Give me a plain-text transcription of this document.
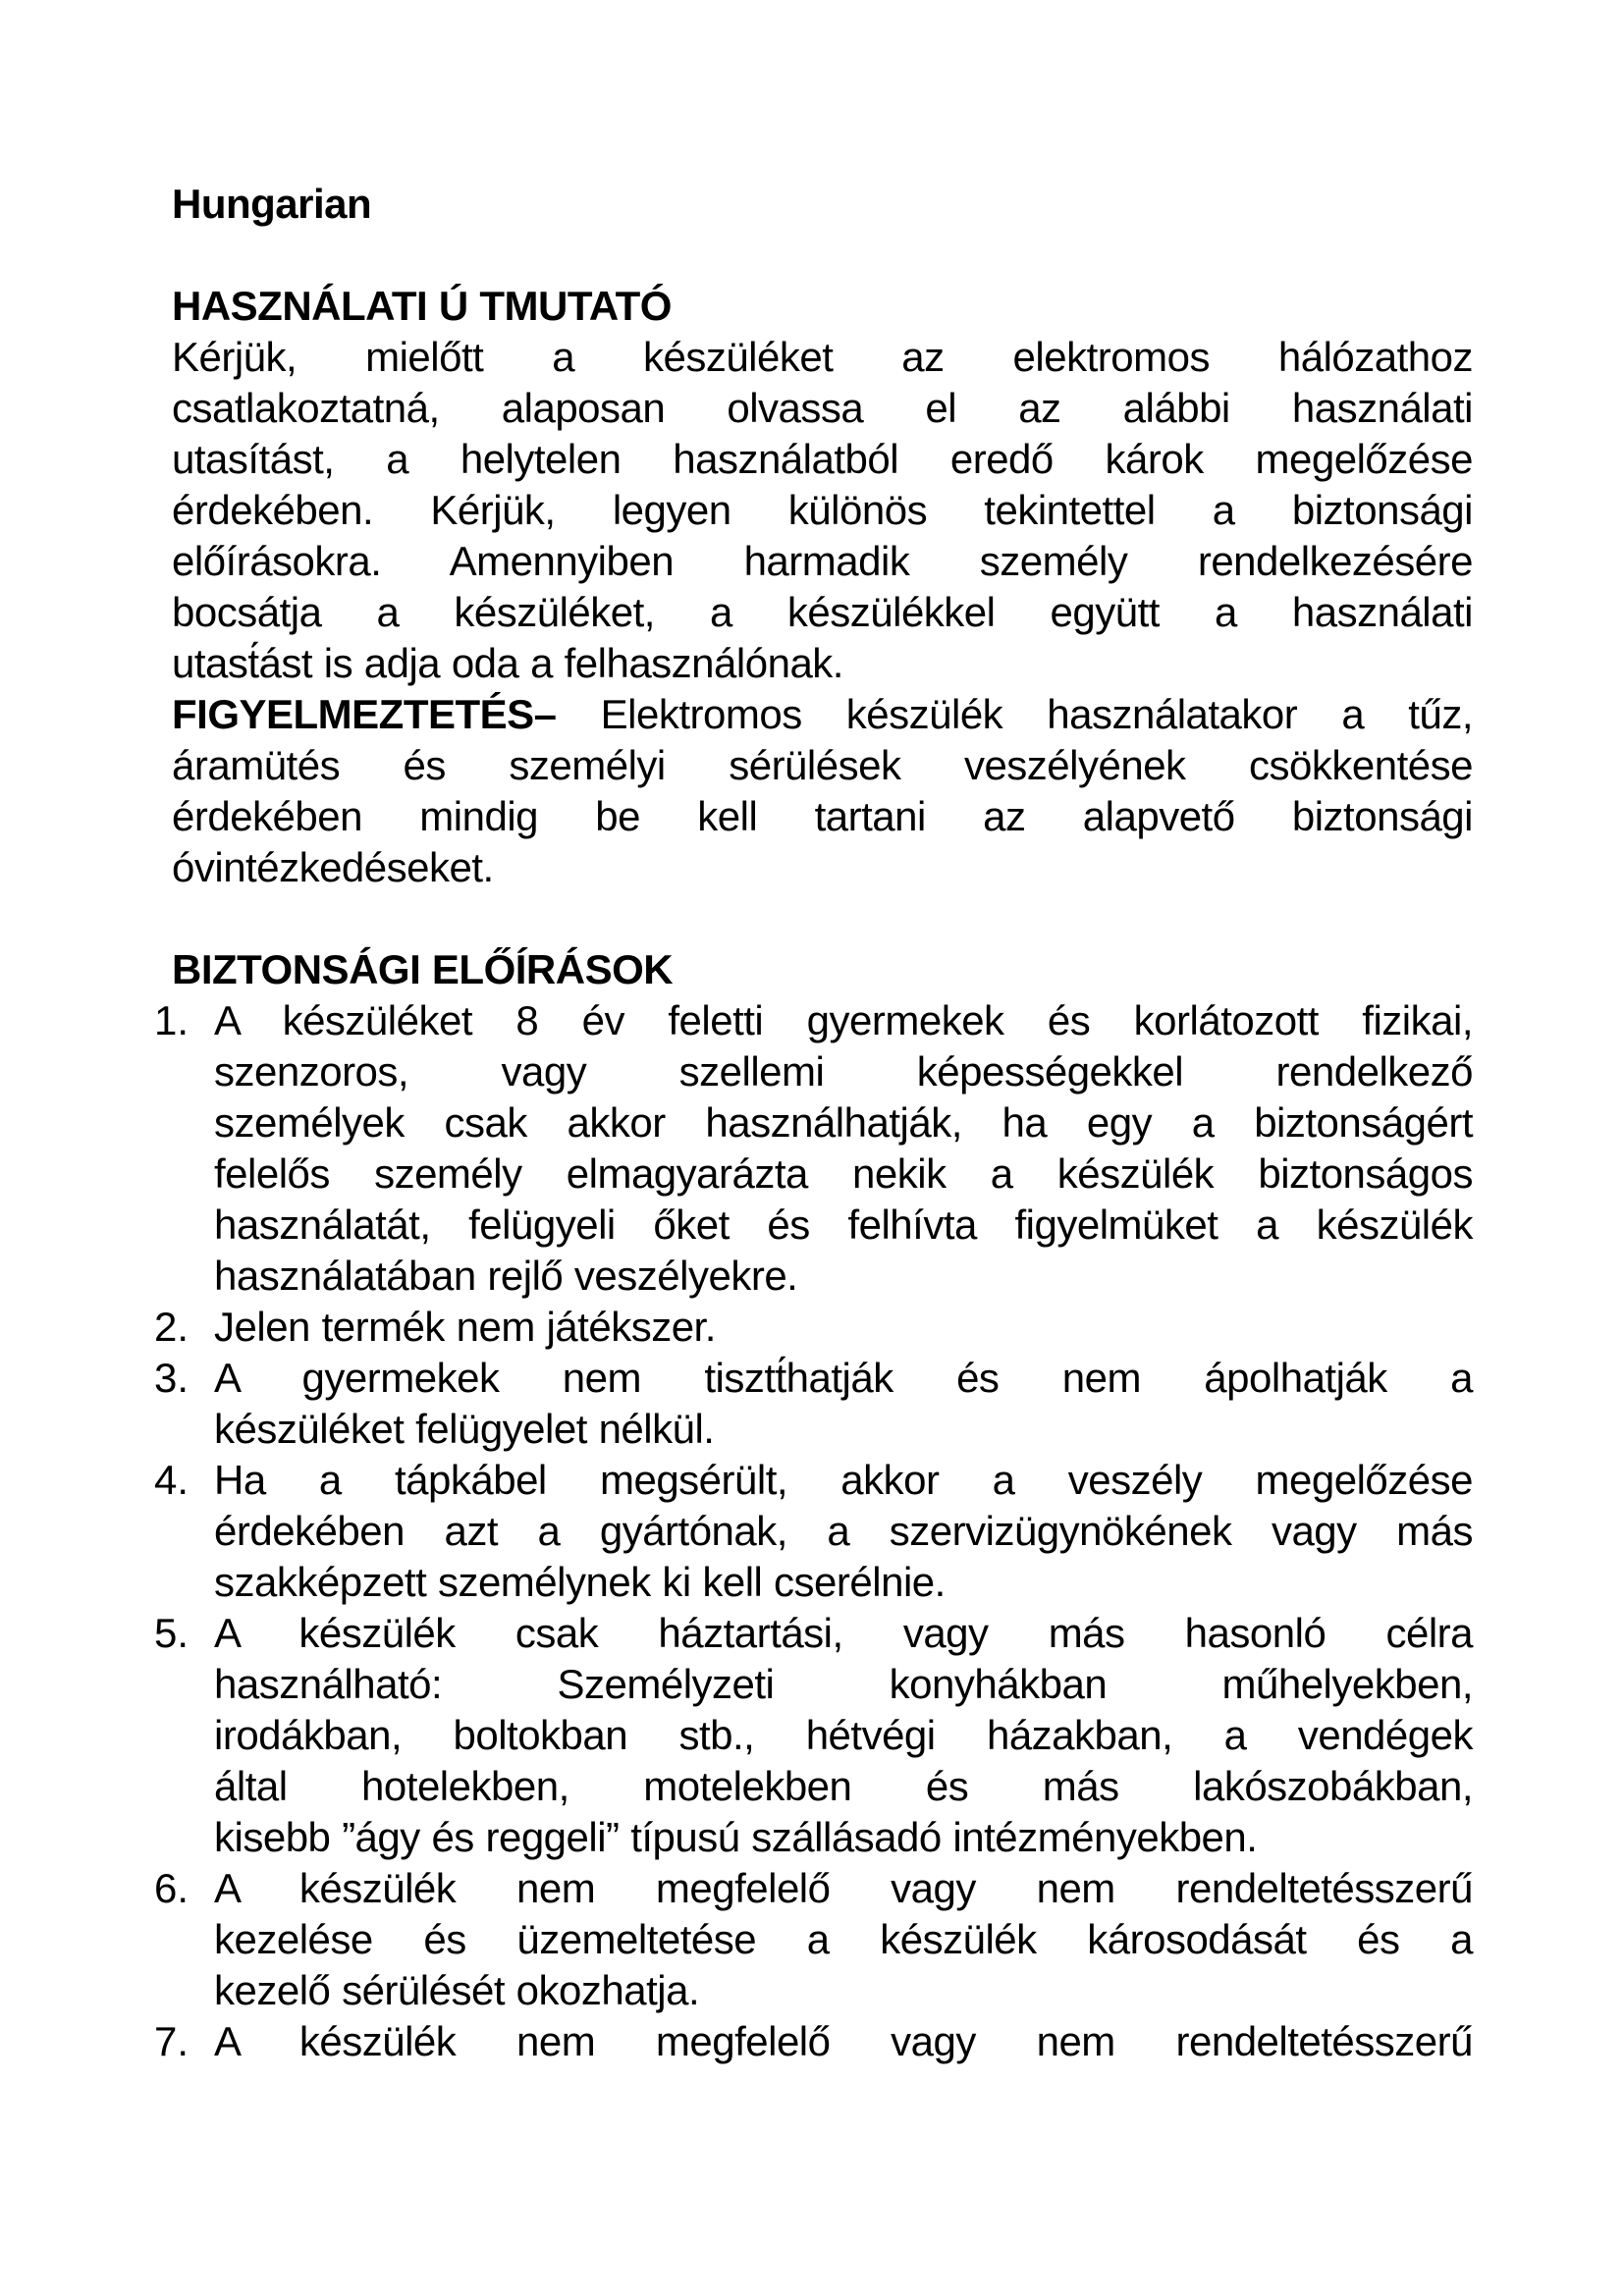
Hungarian
HASZNÁLATI Ú TMUTATÓ
Kérjük, mielőtt a készüléket az elektromos hálózathoz
csatlakoztatná, alaposan olvassa el az alábbi használati
utasítást, a helytelen használatból eredő károk megelőzése
érdekében. Kérjük, legyen különös tekintettel a biztonsági
előírásokra. Amennyiben harmadik személy rendelkezésére
bocsátja a készüléket, a készülékkel együtt a használati
utast́ást is adja oda a felhasználónak.
FIGYELMEZTETÉS– Elektromos készülék használatakor a tűz,
áramütés és személyi sérülések veszélyének csökkentése
érdekében mindig be kell tartani az alapvető biztonsági
óvintézkedéseket.
BIZTONSÁGI ELŐÍRÁSOK
1. A készüléket 8 év feletti gyermekek és korlátozott fizikai,
szenzoros, vagy szellemi képességekkel rendelkező
személyek csak akkor használhatják, ha egy a biztonságért
felelős személy elmagyarázta nekik a készülék biztonságos
használatát, felügyeli őket és felhívta figyelmüket a készülék
használatában rejlő veszélyekre.
2. Jelen termék nem játékszer.
3. A gyermekek nem tisztt́hatják és nem ápolhatják a
készüléket felügyelet nélkül.
4. Ha a tápkábel megsérült, akkor a veszély megelőzése
érdekében azt a gyártónak, a szervizügynökének vagy más
szakképzett személynek ki kell cserélnie.
5. A készülék csak háztartási, vagy más hasonló célra
használható: Személyzeti konyhákban műhelyekben,
irodákban, boltokban stb., hétvégi házakban, a vendégek
által hotelekben, motelekben és más lakószobákban,
kisebb ”ágy és reggeli” típusú szállásadó intézményekben.
6. A készülék nem megfelelő vagy nem rendeltetésszerű
kezelése és üzemeltetése a készülék károsodását és a
kezelő sérülését okozhatja.
7. A készülék nem megfelelő vagy nem rendeltetésszerű
